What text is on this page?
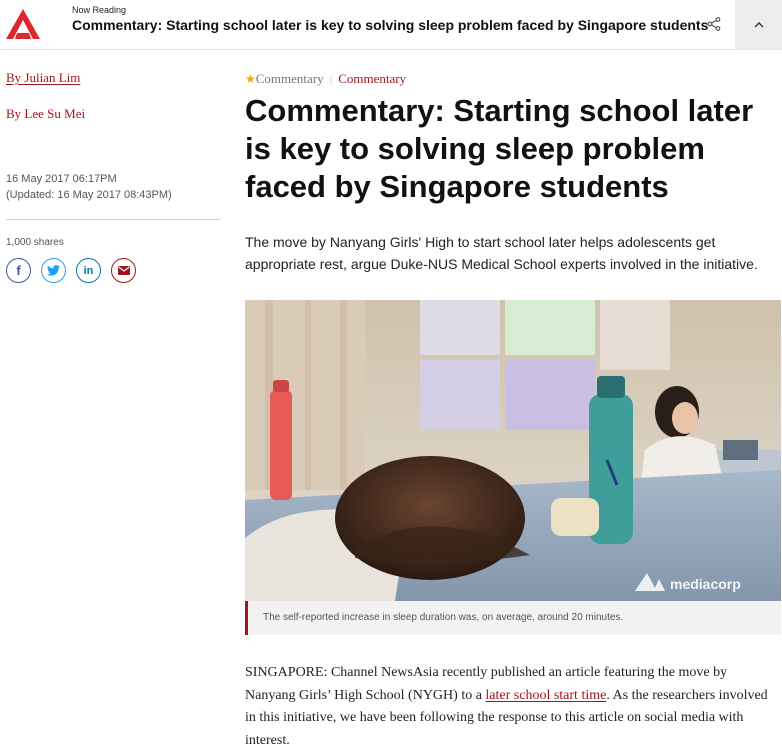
Now Reading
Commentary: Starting school later is key to solving sleep problem faced by Singapore students
By Julian Lim
By Lee Su Mei
16 May 2017 06:17PM
(Updated: 16 May 2017 08:43PM)
1,000 shares
f	in
★Commentary | Commentary
Commentary: Starting school later is key to solving sleep problem faced by Singapore students

The move by Nanyang Girls' High to start school later helps adolescents get appropriate rest, argue Duke-NUS Medical School experts involved in the initiative.

mediacorp
The self-reported increase in sleep duration was, on average, around 20 minutes.

SINGAPORE: Channel NewsAsia recently published an article featuring the move by Nanyang Girls’ High School (NYGH) to a later school start time. As the researchers involved in this initiative, we have been following the response to this article on social media with interest.
